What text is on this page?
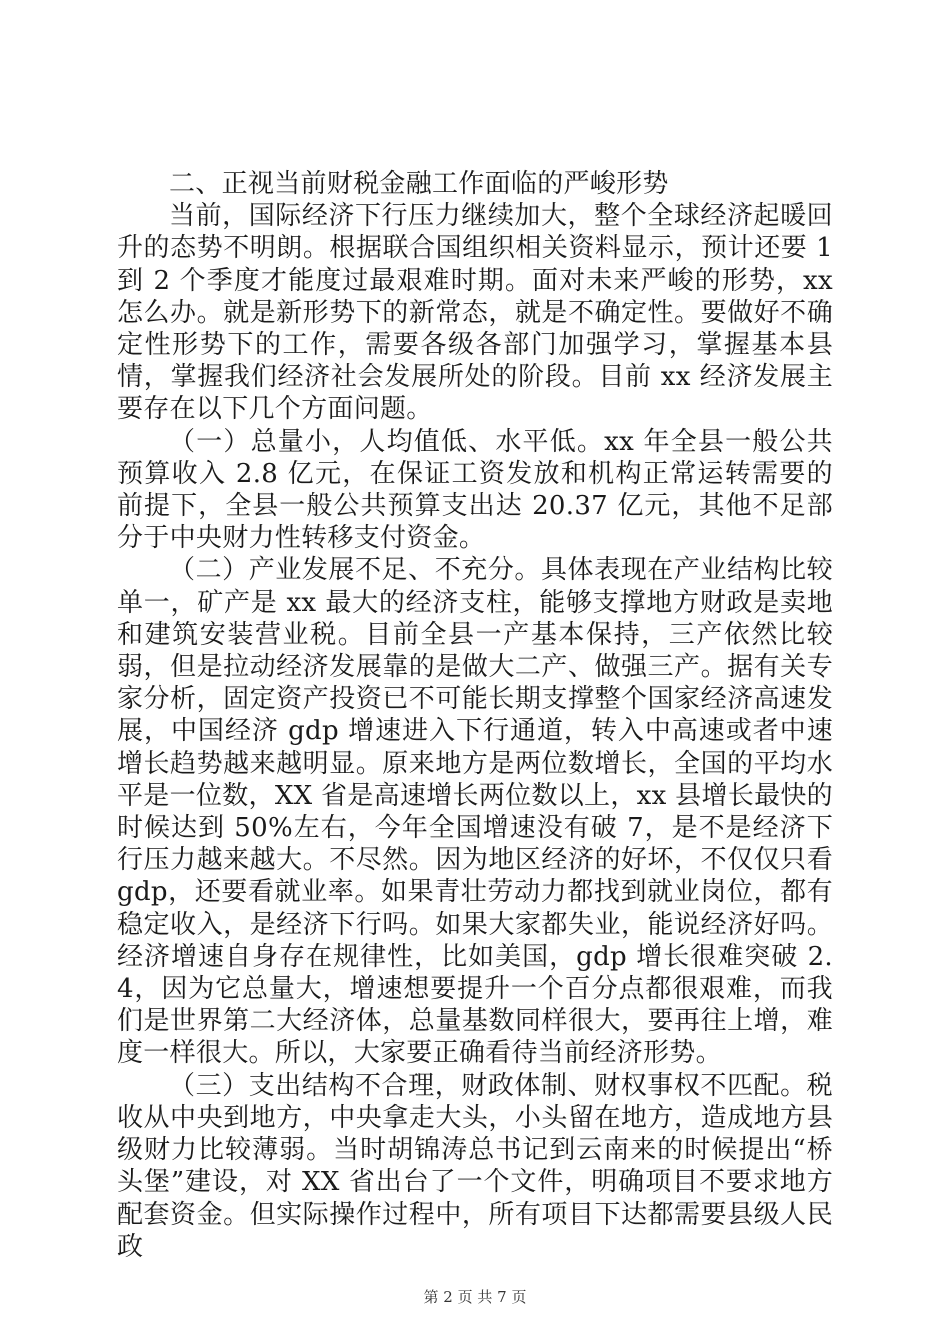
二、正视当前财税金融工作面临的严峻形势

当前，国际经济下行压力继续加大，整个全球经济起暖回升的态势不明朗。根据联合国组织相关资料显示，预计还要 1 到 2 个季度才能度过最艰难时期。面对未来严峻的形势，xx 怎么办。就是新形势下的新常态，就是不确定性。要做好不确定性形势下的工作，需要各级各部门加强学习，掌握基本县情，掌握我们经济社会发展所处的阶段。目前 xx 经济发展主要存在以下几个方面问题。

（一）总量小，人均值低、水平低。xx 年全县一般公共预算收入 2.8 亿元，在保证工资发放和机构正常运转需要的前提下，全县一般公共预算支出达 20.37 亿元，其他不足部分于中央财力性转移支付资金。

（二）产业发展不足、不充分。具体表现在产业结构比较单一，矿产是 xx 最大的经济支柱，能够支撑地方财政是卖地和建筑安装营业税。目前全县一产基本保持，三产依然比较弱，但是拉动经济发展靠的是做大二产、做强三产。据有关专家分析，固定资产投资已不可能长期支撑整个国家经济高速发展，中国经济 gdp 增速进入下行通道，转入中高速或者中速增长趋势越来越明显。原来地方是两位数增长，全国的平均水平是一位数，XX 省是高速增长两位数以上，xx 县增长最快的时候达到 50%左右，今年全国增速没有破 7，是不是经济下行压力越来越大。不尽然。因为地区经济的好坏，不仅仅只看 gdp，还要看就业率。如果青壮劳动力都找到就业岗位，都有稳定收入，是经济下行吗。如果大家都失业，能说经济好吗。经济增速自身存在规律性，比如美国，gdp 增长很难突破 2.4，因为它总量大，增速想要提升一个百分点都很艰难，而我们是世界第二大经济体，总量基数同样很大，要再往上增，难度一样很大。所以，大家要正确看待当前经济形势。

（三）支出结构不合理，财政体制、财权事权不匹配。税收从中央到地方，中央拿走大头，小头留在地方，造成地方县级财力比较薄弱。当时胡锦涛总书记到云南来的时候提出“桥头堡”建设，对 XX 省出台了一个文件，明确项目不要求地方配套资金。但实际操作过程中，所有项目下达都需要县级人民政

第 2 页 共 7 页
